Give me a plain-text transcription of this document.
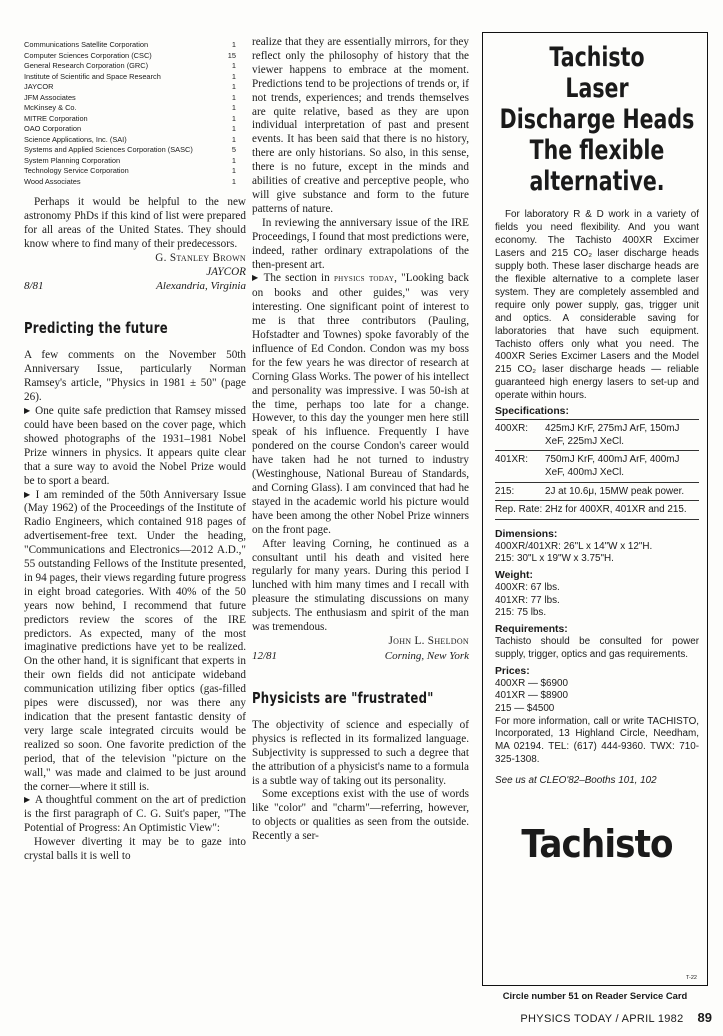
Communications Satellite Corporation	1
Computer Sciences Corporation (CSC)	15
General Research Corporation (GRC)	1
Institute of Scientific and Space Research	1
JAYCOR	1
JFM Associates	1
McKinsey & Co.	1
MITRE Corporation	1
OAO Corporation	1
Science Applications, Inc. (SAI)	1
Systems and Applied Sciences Corporation (SASC)	5
System Planning Corporation	1
Technology Service Corporation	1
Wood Associates	1

Perhaps it would be helpful to the new astronomy PhDs if this kind of list were prepared for all areas of the United States. They should know where to find many of their predecessors.

G. Stanley Brown
JAYCOR
8/81	Alexandria, Virginia
Predicting the future

A few comments on the November 50th Anniversary Issue, particularly Norman Ramsey's article, "Physics in 1981 ± 50" (page 26).

▶ One quite safe prediction that Ramsey missed could have been based on the cover page, which showed photographs of the 1931–1981 Nobel Prize winners in physics. It appears quite clear that a sure way to avoid the Nobel Prize would be to sport a beard.

▶ I am reminded of the 50th Anniversary Issue (May 1962) of the Proceedings of the Institute of Radio Engineers, which contained 918 pages of advertisement-free text. Under the heading, "Communications and Electronics—2012 A.D.," 55 outstanding Fellows of the Institute presented, in 94 pages, their views regarding future progress in eight broad categories. With 40% of the 50 years now behind, I recommend that future predictors review the scores of the IRE predictors. As expected, many of the most imaginative predictions have yet to be realized. On the other hand, it is significant that experts in their own fields did not anticipate wideband communication utilizing fiber optics (gas-filled pipes were discussed), nor was there any indication that the present fantastic density of very large scale integrated circuits would be realized so soon. One favorite prediction of the period, that of the television "picture on the wall," was made and claimed to be just around the corner—where it still is.

▶ A thoughtful comment on the art of prediction is the first paragraph of C. G. Suit's paper, "The Potential of Progress: An Optimistic View":

However diverting it may be to gaze into crystal balls it is well to

realize that they are essentially mirrors, for they reflect only the philosophy of history that the viewer happens to embrace at the moment. Predictions tend to be projections of trends or, if not trends, experiences; and trends themselves are quite relative, based as they are upon individual interpretation of past and present events. It has been said that there is no history, there are only historians. So also, in this sense, there is no future, except in the minds and abilities of creative and perceptive people, who will give substance and form to the future patterns of nature.

In reviewing the anniversary issue of the IRE Proceedings, I found that most predictions were, indeed, rather ordinary extrapolations of the then-present art.

▶ The section in physics today, "Looking back on books and other guides," was very interesting. One significant point of interest to me is that three contributors (Pauling, Hofstadter and Townes) spoke favorably of the influence of Ed Condon. Condon was my boss for the few years he was director of research at Corning Glass Works. The power of his intellect and personality was impressive. I was 50-ish at the time, perhaps too late for a change. However, to this day the younger men here still speak of his influence. Frequently I have pondered on the course Condon's career would have taken had he not turned to industry (Westinghouse, National Bureau of Standards, and Corning Glass). I am convinced that had he stayed in the academic world his picture would have been among the other Nobel Prize winners on the front page.

After leaving Corning, he continued as a consultant until his death and visited here regularly for many years. During this period I lunched with him many times and I recall with pleasure the stimulating discussions on many subjects. The enthusiasm and spirit of the man was tremendous.

John L. Sheldon
12/81	Corning, New York
Physicists are "frustrated"

The objectivity of science and especially of physics is reflected in its formalized language. Subjectivity is suppressed to such a degree that the attribution of a physicist's name to a formula is a subtle way of taking out its personality.

Some exceptions exist with the use of words like "color" and "charm"—referring, however, to objects or qualities as seen from the outside. Recently a ser-

Tachisto
Laser
Discharge Heads
The flexible
alternative.
For laboratory R & D work in a variety of fields you need flexibility. And you want economy. The Tachisto 400XR Excimer Lasers and 215 CO₂ laser discharge heads supply both. These laser discharge heads are the flexible alternative to a complete laser system. They are completely assembled and require only power supply, gas, trigger unit and optics. A considerable saving for laboratories that have such equipment. Tachisto offers only what you need. The 400XR Series Excimer Lasers and the Model 215 CO₂ laser discharge heads — reliable guaranteed high energy lasers to set-up and operate within hours.
Specifications:
400XR:	425mJ KrF, 275mJ ArF, 150mJ XeF, 225mJ XeCl.
401XR:	750mJ KrF, 400mJ ArF, 400mJ XeF, 400mJ XeCl.
215:	2J at 10.6μ, 15MW peak power.
Rep. Rate: 2Hz for 400XR, 401XR and 215.
Dimensions:
400XR/401XR: 26"L x 14"W x 12"H.
215: 30"L x 19"W x 3.75"H.
Weight:
400XR: 67 lbs.
401XR: 77 lbs.
215: 75 lbs.
Requirements:
Tachisto should be consulted for power supply, trigger, optics and gas requirements.
Prices:
400XR — $6900
401XR — $8900
215 — $4500
For more information, call or write TACHISTO, Incorporated, 13 Highland Circle, Needham, MA 02194. TEL: (617) 444-9360. TWX: 710-325-1308.
See us at CLEO'82–Booths 101, 102
Tachisto
T-22
Circle number 51 on Reader Service Card
PHYSICS TODAY / APRIL 1982 89
